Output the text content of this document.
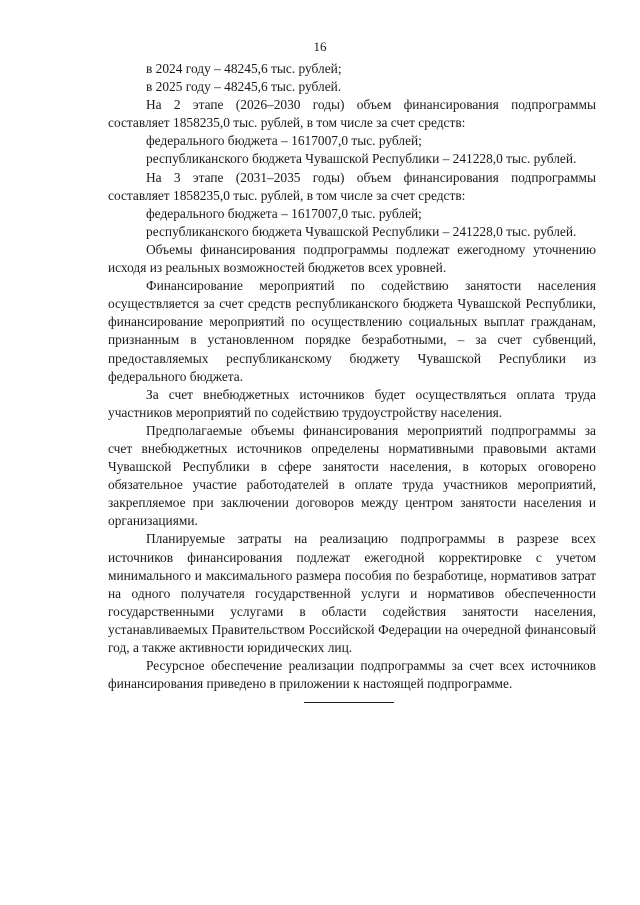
16

в 2024 году – 48245,6 тыс. рублей;

в 2025 году – 48245,6 тыс. рублей.

На 2 этапе (2026–2030 годы) объем финансирования подпрограммы составляет 1858235,0 тыс. рублей, в том числе за счет средств:

федерального бюджета – 1617007,0 тыс. рублей;

республиканского бюджета Чувашской Республики – 241228,0 тыс. рублей.

На 3 этапе (2031–2035 годы) объем финансирования подпрограммы составляет 1858235,0 тыс. рублей, в том числе за счет средств:

федерального бюджета – 1617007,0 тыс. рублей;

республиканского бюджета Чувашской Республики – 241228,0 тыс. рублей.

Объемы финансирования подпрограммы подлежат ежегодному уточнению исходя из реальных возможностей бюджетов всех уровней.

Финансирование мероприятий по содействию занятости населения осуществляется за счет средств республиканского бюджета Чувашской Республики, финансирование мероприятий по осуществлению социальных выплат гражданам, признанным в установленном порядке безработными, – за счет субвенций, предоставляемых республиканскому бюджету Чувашской Республики из федерального бюджета.

За счет внебюджетных источников будет осуществляться оплата труда участников мероприятий по содействию трудоустройству населения.

Предполагаемые объемы финансирования мероприятий подпрограммы за счет внебюджетных источников определены нормативными правовыми актами Чувашской Республики в сфере занятости населения, в которых оговорено обязательное участие работодателей в оплате труда участников мероприятий, закрепляемое при заключении договоров между центром занятости населения и организациями.

Планируемые затраты на реализацию подпрограммы в разрезе всех источников финансирования подлежат ежегодной корректировке с учетом минимального и максимального размера пособия по безработице, нормативов затрат на одного получателя государственной услуги и нормативов обеспеченности государственными услугами в области содействия занятости населения, устанавливаемых Правительством Российской Федерации на очередной финансовый год, а также активности юридических лиц.

Ресурсное обеспечение реализации подпрограммы за счет всех источников финансирования приведено в приложении к настоящей подпрограмме.
